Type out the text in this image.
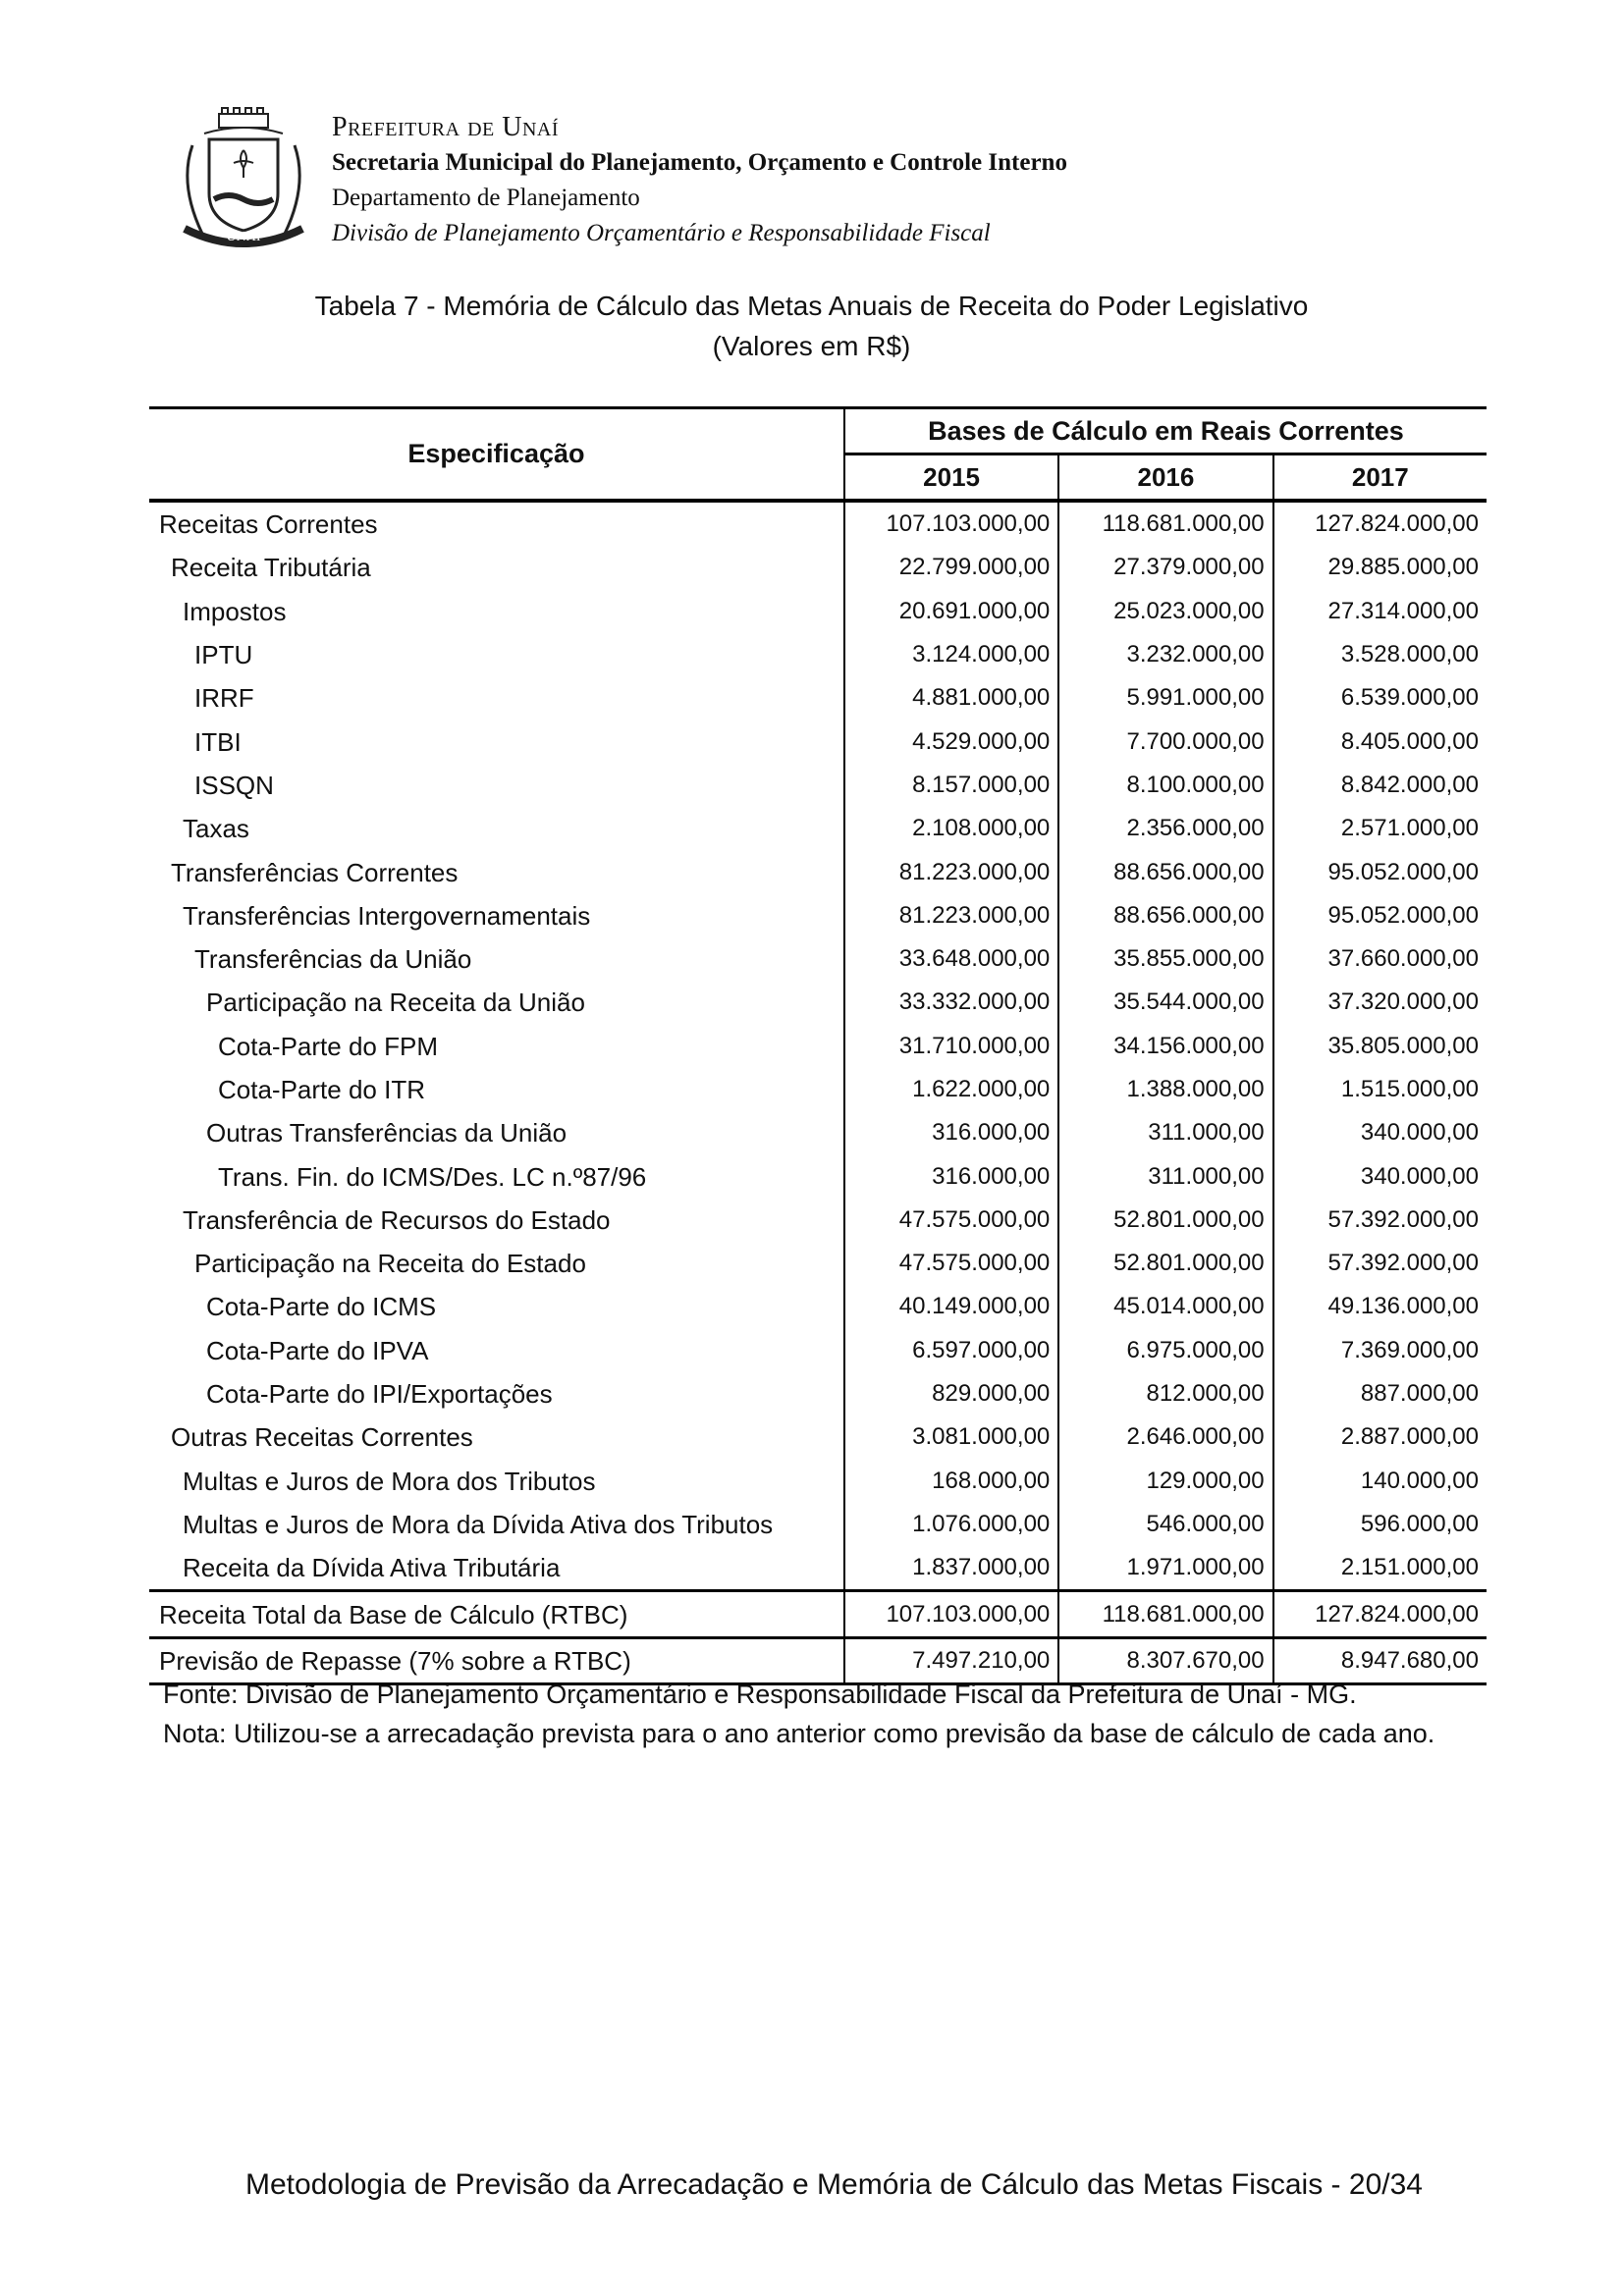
UNAÍ
Prefeitura de Unaí
Secretaria Municipal do Planejamento, Orçamento e Controle Interno
Departamento de Planejamento
Divisão de Planejamento Orçamentário e Responsabilidade Fiscal
Tabela 7 - Memória de Cálculo das Metas Anuais de Receita do Poder Legislativo
(Valores em R$)
Especificação	Bases de Cálculo em Reais Correntes		
	2015	2016	2017
Receitas Correntes	107.103.000,00	118.681.000,00	127.824.000,00
Receita Tributária	22.799.000,00	27.379.000,00	29.885.000,00
Impostos	20.691.000,00	25.023.000,00	27.314.000,00
IPTU	3.124.000,00	3.232.000,00	3.528.000,00
IRRF	4.881.000,00	5.991.000,00	6.539.000,00
ITBI	4.529.000,00	7.700.000,00	8.405.000,00
ISSQN	8.157.000,00	8.100.000,00	8.842.000,00
Taxas	2.108.000,00	2.356.000,00	2.571.000,00
Transferências Correntes	81.223.000,00	88.656.000,00	95.052.000,00
Transferências Intergovernamentais	81.223.000,00	88.656.000,00	95.052.000,00
Transferências da União	33.648.000,00	35.855.000,00	37.660.000,00
Participação na Receita da União	33.332.000,00	35.544.000,00	37.320.000,00
Cota-Parte do FPM	31.710.000,00	34.156.000,00	35.805.000,00
Cota-Parte do ITR	1.622.000,00	1.388.000,00	1.515.000,00
Outras Transferências da União	316.000,00	311.000,00	340.000,00
Trans. Fin. do ICMS/Des. LC n.º87/96	316.000,00	311.000,00	340.000,00
Transferência de Recursos do Estado	47.575.000,00	52.801.000,00	57.392.000,00
Participação na Receita do Estado	47.575.000,00	52.801.000,00	57.392.000,00
Cota-Parte do ICMS	40.149.000,00	45.014.000,00	49.136.000,00
Cota-Parte do IPVA	6.597.000,00	6.975.000,00	7.369.000,00
Cota-Parte do IPI/Exportações	829.000,00	812.000,00	887.000,00
Outras Receitas Correntes	3.081.000,00	2.646.000,00	2.887.000,00
Multas e Juros de Mora dos Tributos	168.000,00	129.000,00	140.000,00
Multas e Juros de Mora da Dívida Ativa dos Tributos	1.076.000,00	546.000,00	596.000,00
Receita da Dívida Ativa Tributária	1.837.000,00	1.971.000,00	2.151.000,00
Receita Total da Base de Cálculo (RTBC)	107.103.000,00	118.681.000,00	127.824.000,00
Previsão de Repasse (7% sobre a RTBC)	7.497.210,00	8.307.670,00	8.947.680,00
Fonte: Divisão de Planejamento Orçamentário e Responsabilidade Fiscal da Prefeitura de Unaí - MG.
Nota: Utilizou-se a arrecadação prevista para o ano anterior como previsão da base de cálculo de cada ano.
Metodologia de Previsão da Arrecadação e Memória de Cálculo das Metas Fiscais - 20/34
